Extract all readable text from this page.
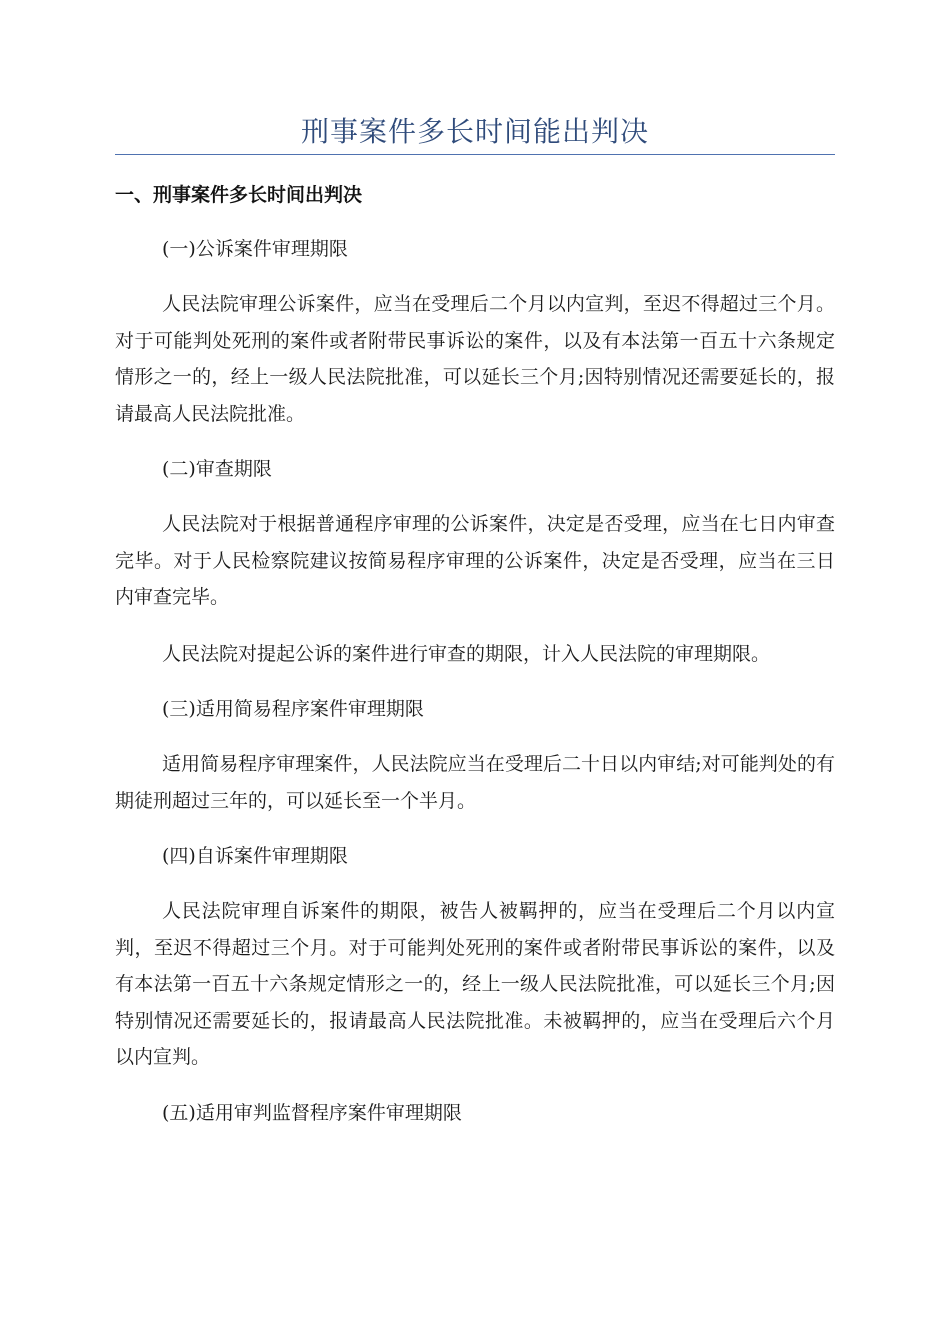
刑事案件多长时间能出判决
一、刑事案件多长时间出判决
(一)公诉案件审理期限
人民法院审理公诉案件，应当在受理后二个月以内宣判，至迟不得超过三个月。对于可能判处死刑的案件或者附带民事诉讼的案件，以及有本法第一百五十六条规定情形之一的，经上一级人民法院批准，可以延长三个月;因特别情况还需要延长的，报请最高人民法院批准。
(二)审查期限
人民法院对于根据普通程序审理的公诉案件，决定是否受理，应当在七日内审查完毕。对于人民检察院建议按简易程序审理的公诉案件，决定是否受理，应当在三日内审查完毕。
人民法院对提起公诉的案件进行审查的期限，计入人民法院的审理期限。
(三)适用简易程序案件审理期限
适用简易程序审理案件，人民法院应当在受理后二十日以内审结;对可能判处的有期徒刑超过三年的，可以延长至一个半月。
(四)自诉案件审理期限
人民法院审理自诉案件的期限，被告人被羁押的，应当在受理后二个月以内宣判，至迟不得超过三个月。对于可能判处死刑的案件或者附带民事诉讼的案件，以及有本法第一百五十六条规定情形之一的，经上一级人民法院批准，可以延长三个月;因特别情况还需要延长的，报请最高人民法院批准。未被羁押的，应当在受理后六个月以内宣判。
(五)适用审判监督程序案件审理期限
